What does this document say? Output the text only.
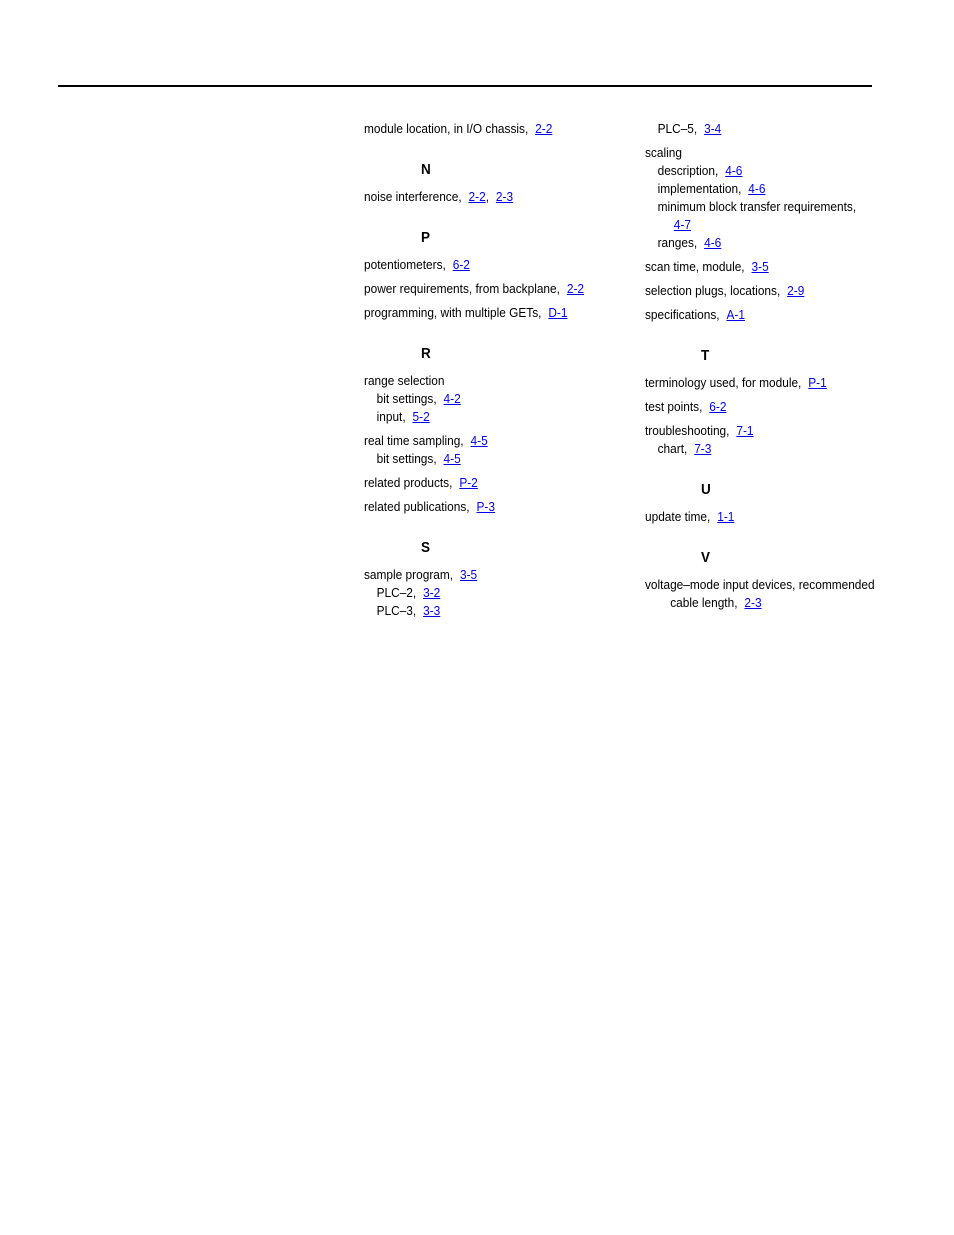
module location, in I/O chassis, 2-2
N
noise interference, 2-2, 2-3
P
potentiometers, 6-2
power requirements, from backplane, 2-2
programming, with multiple GETs, D-1
R
range selection
bit settings, 4-2
input, 5-2
real time sampling, 4-5
bit settings, 4-5
related products, P-2
related publications, P-3
S
sample program, 3-5
PLC–2, 3-2
PLC–3, 3-3
PLC–5, 3-4
scaling
description, 4-6
implementation, 4-6
minimum block transfer requirements,
4-7
ranges, 4-6
scan time, module, 3-5
selection plugs, locations, 2-9
specifications, A-1
T
terminology used, for module, P-1
test points, 6-2
troubleshooting, 7-1
chart, 7-3
U
update time, 1-1
V
voltage–mode input devices, recommended
cable length, 2-3
